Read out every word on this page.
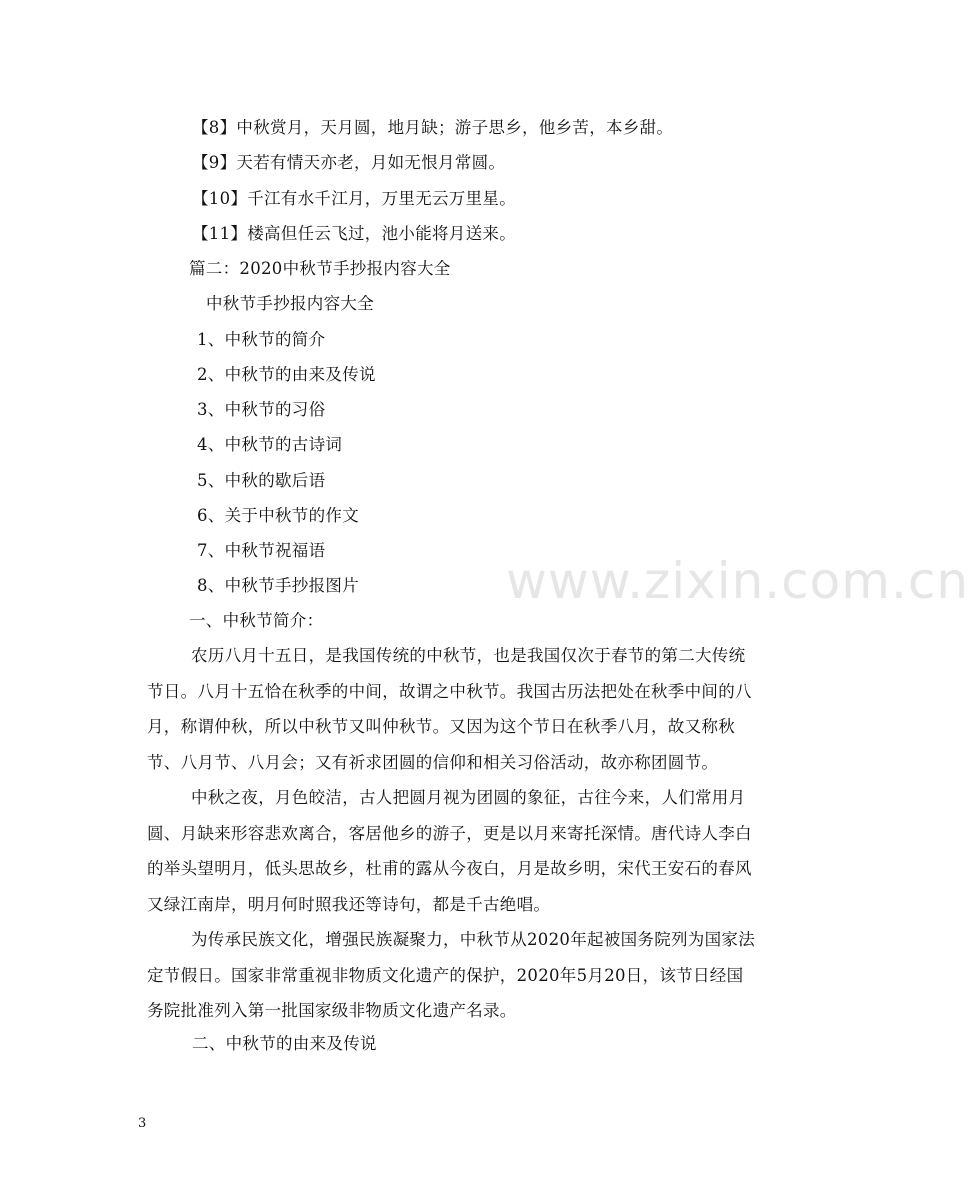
【8】中秋赏月，天月圆，地月缺；游子思乡，他乡苦，本乡甜。
【9】天若有情天亦老，月如无恨月常圆。
【10】千江有水千江月，万里无云万里星。
【11】楼高但任云飞过，池小能将月送来。
篇二：2020中秋节手抄报内容大全
中秋节手抄报内容大全
1、中秋节的简介
2、中秋节的由来及传说
3、中秋节的习俗
4、中秋节的古诗词
5、中秋的歇后语
6、关于中秋节的作文
7、中秋节祝福语
8、中秋节手抄报图片
一、中秋节简介：
农历八月十五日，是我国传统的中秋节，也是我国仅次于春节的第二大传统节日。八月十五恰在秋季的中间，故谓之中秋节。我国古历法把处在秋季中间的八月，称谓仲秋，所以中秋节又叫仲秋节。又因为这个节日在秋季八月，故又称秋节、八月节、八月会；又有祈求团圆的信仰和相关习俗活动，故亦称团圆节。
中秋之夜，月色皎洁，古人把圆月视为团圆的象征，古往今来，人们常用月圆、月缺来形容悲欢离合，客居他乡的游子，更是以月来寄托深情。唐代诗人李白的举头望明月，低头思故乡，杜甫的露从今夜白，月是故乡明，宋代王安石的春风又绿江南岸，明月何时照我还等诗句，都是千古绝唱。
为传承民族文化，增强民族凝聚力，中秋节从2020年起被国务院列为国家法定节假日。国家非常重视非物质文化遗产的保护，2020年5月20日，该节日经国务院批准列入第一批国家级非物质文化遗产名录。
二、中秋节的由来及传说
www.zixin.com.cn
3
